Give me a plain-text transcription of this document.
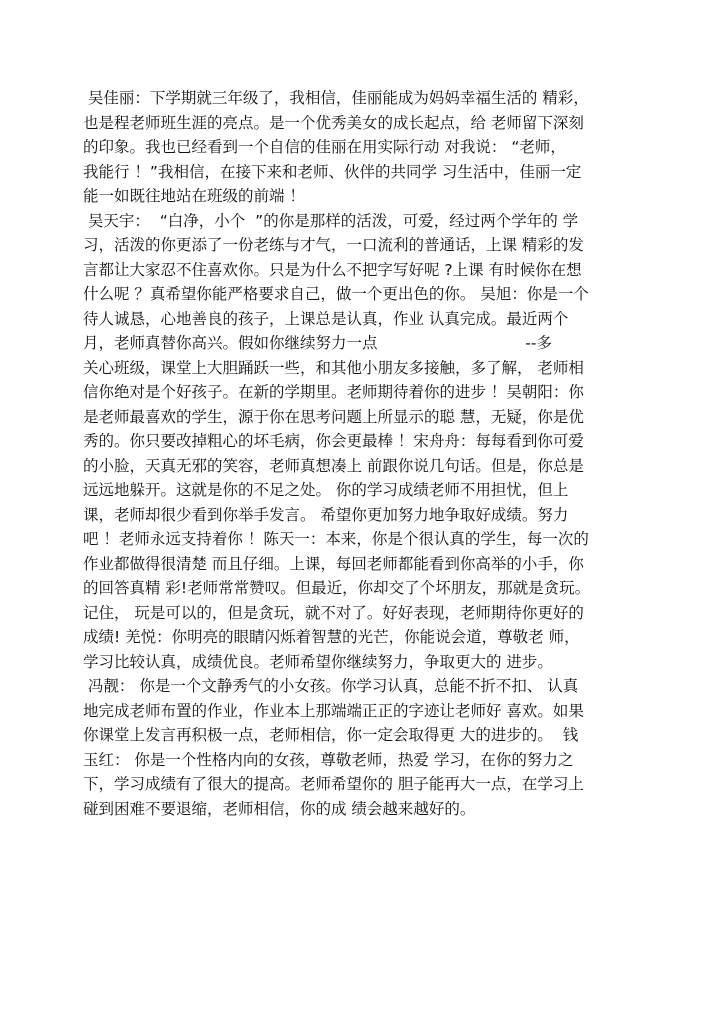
吴佳丽：下学期就三年级了，我相信，佳丽能成为妈妈幸福生活的 精彩，
也是程老师班生涯的亮点。是一个优秀美女的成长起点，给 老师留下深刻
的印象。我也已经看到一个自信的佳丽在用实际行动 对我说： “老师，
我能行 ！”我相信，在接下来和老师、伙伴的共同学 习生活中，佳丽一定
能一如既往地站在班级的前端 ！
吴天宇：  “白净，小个  ”的你是那样的活泼，可爱，经过两个学年的 学
习，活泼的你更添了一份老练与才气，一口流利的普通话，上课 精彩的发
言都让大家忍不住喜欢你。只是为什么不把字写好呢 ?上课 有时候你在想
什么呢 ？真希望你能严格要求自己，做一个更出色的你。 吴旭：你是一个
待人诚恳，心地善良的孩子，上课总是认真，作业 认真完成。最近两个
月，老师真替你高兴。假如你继续努力一点                              --多
关心班级，课堂上大胆踊跃一些，和其他小朋友多接触，多了解， 老师相
信你绝对是个好孩子。在新的学期里。老师期待着你的进步 ！吴朝阳：你
是老师最喜欢的学生，源于你在思考问题上所显示的聪 慧，无疑，你是优
秀的。你只要改掉粗心的坏毛病，你会更最棒 ！宋舟舟：每每看到你可爱
的小脸，天真无邪的笑容，老师真想凑上 前跟你说几句话。但是，你总是
远远地躲开。这就是你的不足之处。 你的学习成绩老师不用担忧，但上
课，老师却很少看到你举手发言。 希望你更加努力地争取好成绩。努力
吧 ！老师永远支持着你 ！陈天一：本来，你是个很认真的学生，每一次的
作业都做得很清楚 而且仔细。上课，每回老师都能看到你高举的小手，你
的回答真精 彩!老师常常赞叹。但最近，你却交了个坏朋友，那就是贪玩。
记住， 玩是可以的，但是贪玩，就不对了。好好表现，老师期待你更好的
成绩! 羌悦：你明亮的眼睛闪烁着智慧的光芒，你能说会道，尊敬老 师，
学习比较认真，成绩优良。老师希望你继续努力，争取更大的 进步。
冯靓： 你是一个文静秀气的小女孩。你学习认真，总能不折不扣、 认真
地完成老师布置的作业，作业本上那端端正正的字迹让老师好 喜欢。如果
你课堂上发言再积极一点，老师相信，你一定会取得更 大的进步的。  钱
玉红： 你是一个性格内向的女孩，尊敬老师，热爱 学习，在你的努力之
下，学习成绩有了很大的提高。老师希望你的 胆子能再大一点，在学习上
碰到困难不要退缩，老师相信，你的成 绩会越来越好的。
